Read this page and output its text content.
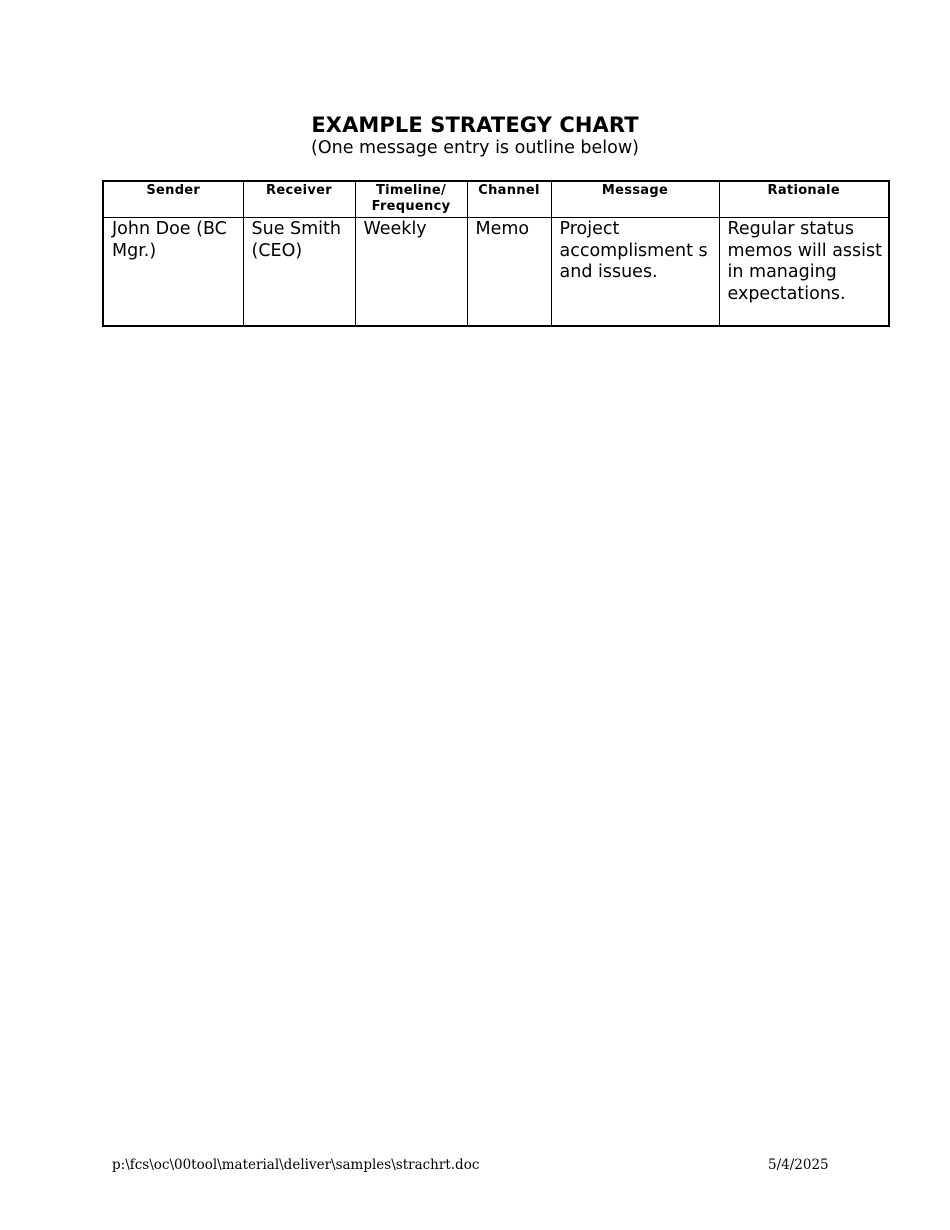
EXAMPLE STRATEGY CHART
(One message entry is outline below)
Sender	Receiver	Timeline/ Frequency	Channel	Message	Rationale
John Doe (BC Mgr.)	Sue Smith (CEO)	Weekly	Memo	Project accomplisment s and issues.	Regular status memos will assist in managing expectations.
p:\fcs\oc\00tool\material\deliver\samples\strachrt.doc	5/4/2025
